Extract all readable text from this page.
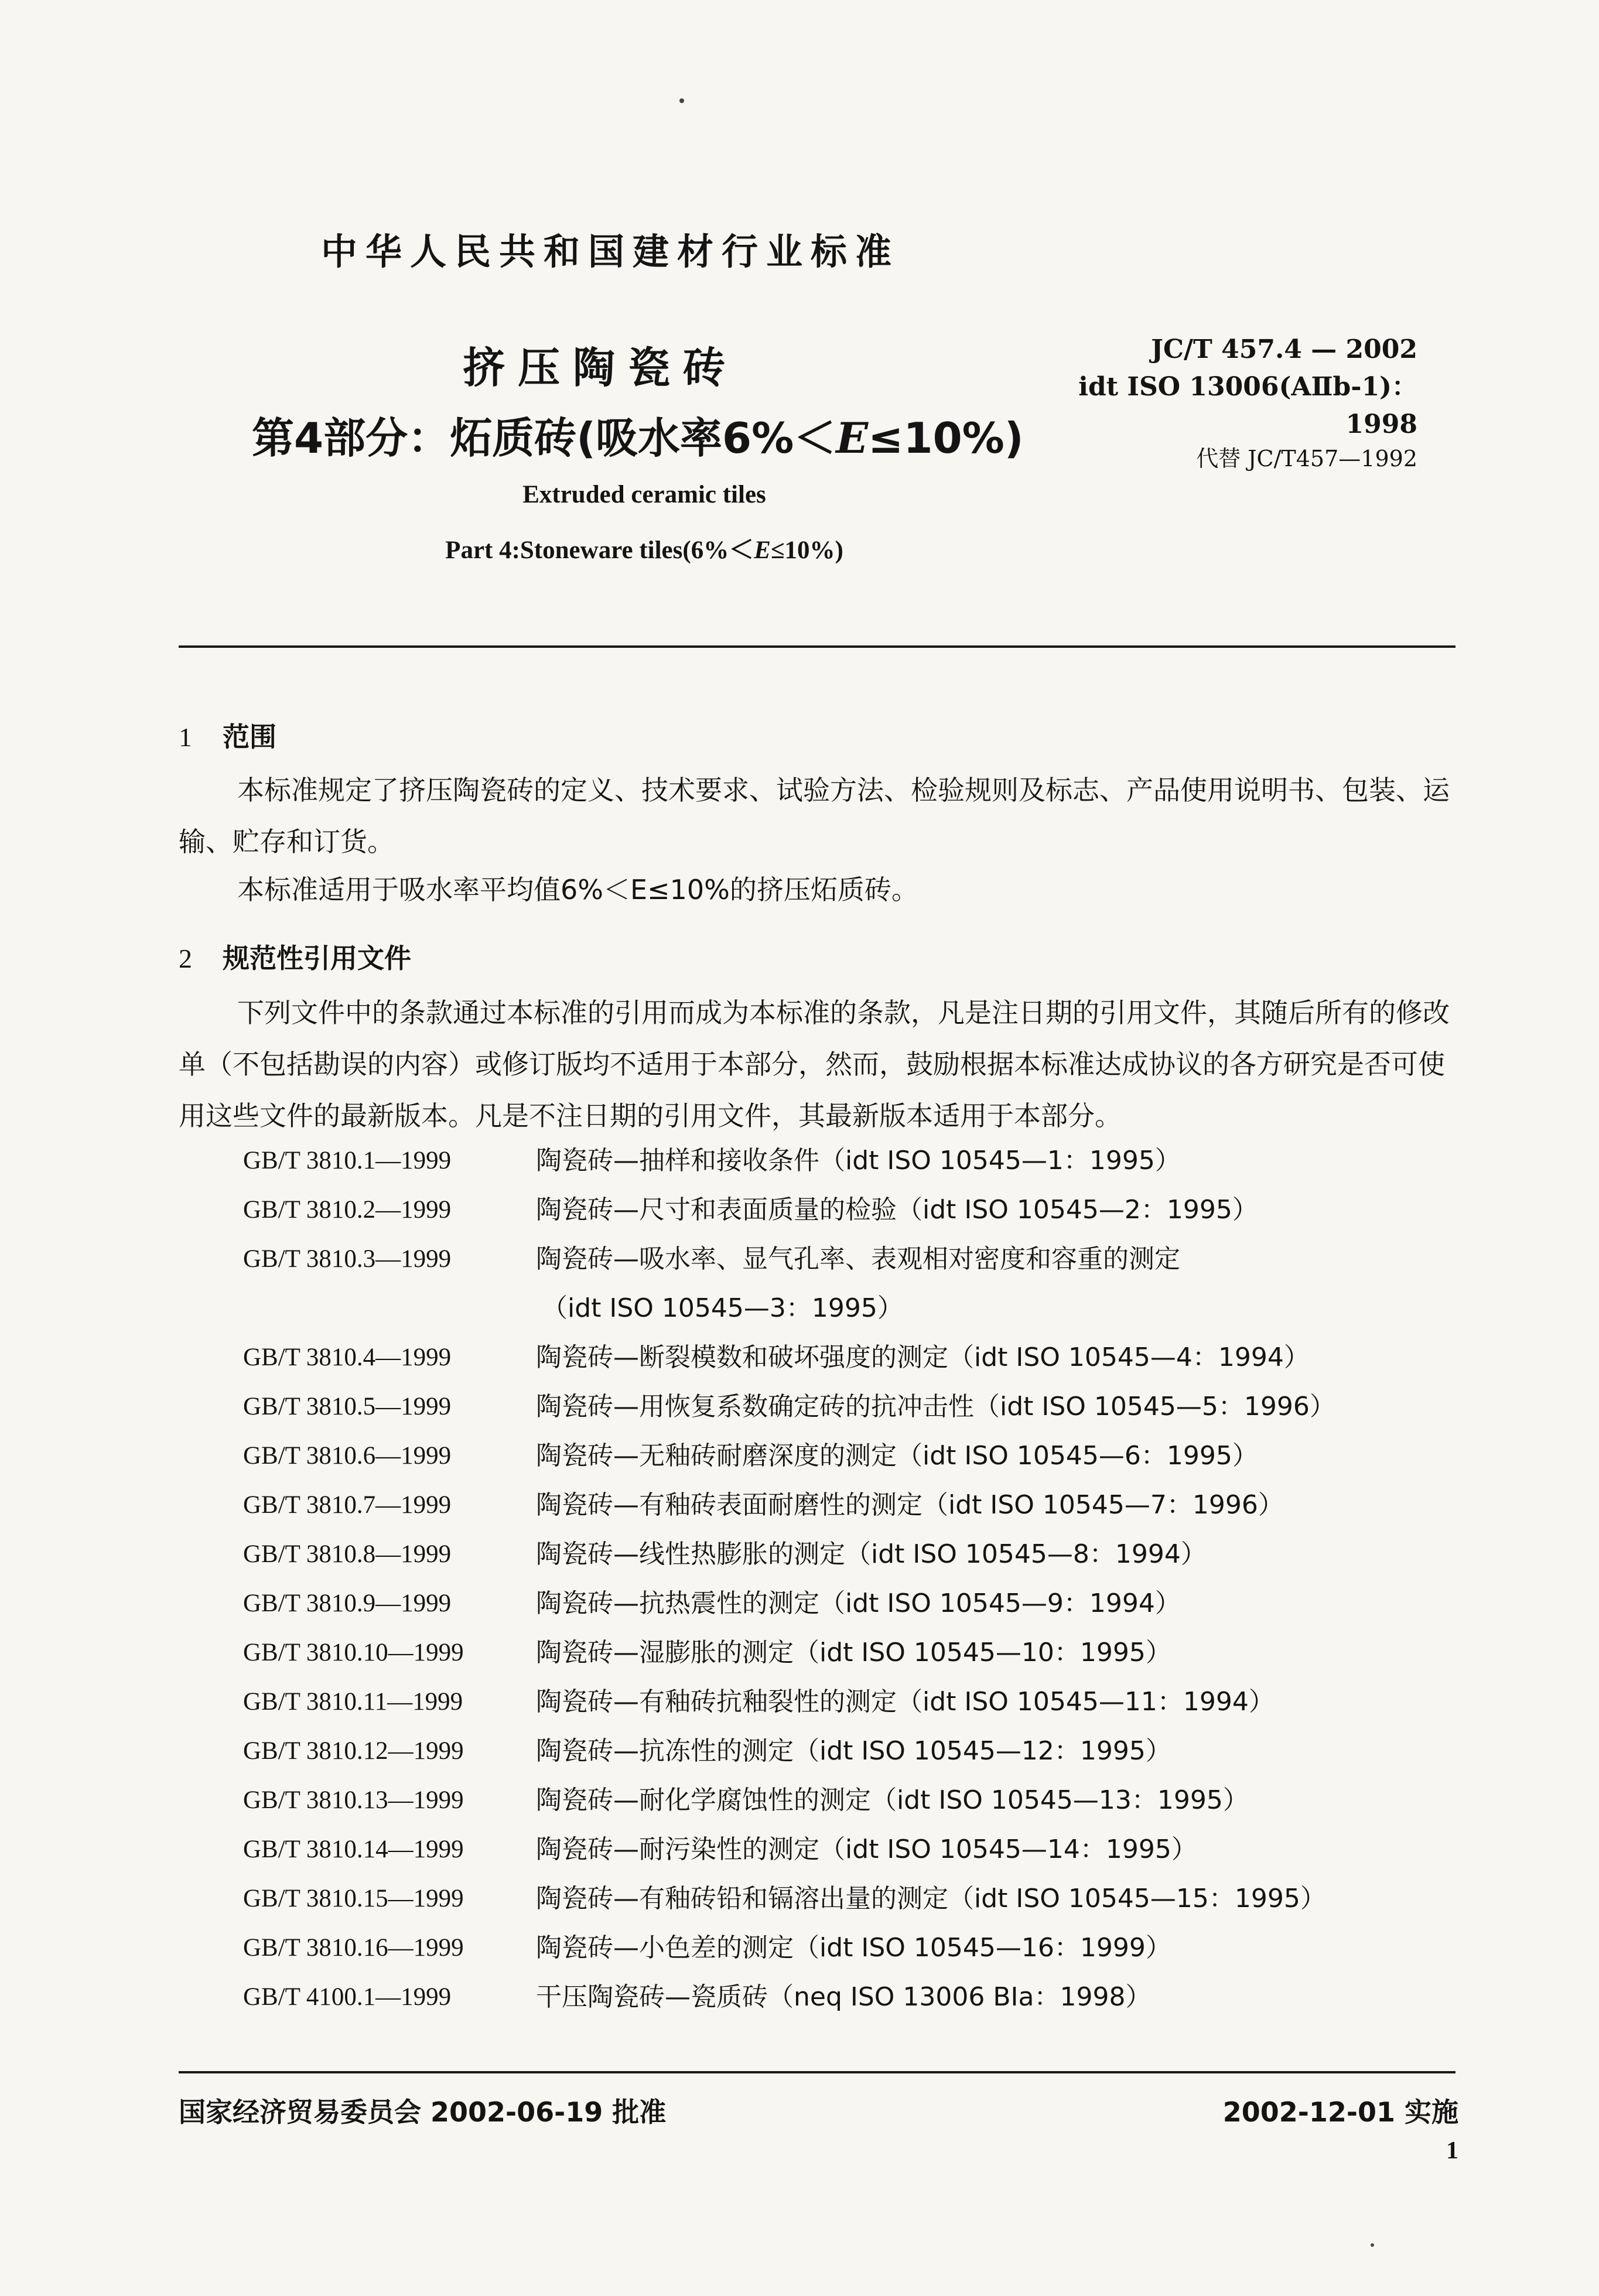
中华人民共和国建材行业标准
挤压陶瓷砖
第4部分：炻质砖(吸水率6%＜E≤10%)
JC/T 457.4 — 2002
idt ISO 13006(AⅡb-1)：1998
代替 JC/T457—1992
Extruded ceramic tiles
Part 4:Stoneware tiles(6%＜E≤10%)
1 范围
本标准规定了挤压陶瓷砖的定义、技术要求、试验方法、检验规则及标志、产品使用说明书、包装、运输、贮存和订货。
本标准适用于吸水率平均值6%＜E≤10%的挤压炻质砖。
2 规范性引用文件
下列文件中的条款通过本标准的引用而成为本标准的条款，凡是注日期的引用文件，其随后所有的修改单（不包括勘误的内容）或修订版均不适用于本部分，然而，鼓励根据本标准达成协议的各方研究是否可使用这些文件的最新版本。凡是不注日期的引用文件，其最新版本适用于本部分。
GB/T 3810.1—1999	陶瓷砖—抽样和接收条件（idt ISO 10545—1：1995）
GB/T 3810.2—1999	陶瓷砖—尺寸和表面质量的检验（idt ISO 10545—2：1995）
GB/T 3810.3—1999	陶瓷砖—吸水率、显气孔率、表观相对密度和容重的测定
（idt ISO 10545—3：1995）
GB/T 3810.4—1999	陶瓷砖—断裂模数和破坏强度的测定（idt ISO 10545—4：1994）
GB/T 3810.5—1999	陶瓷砖—用恢复系数确定砖的抗冲击性（idt ISO 10545—5：1996）
GB/T 3810.6—1999	陶瓷砖—无釉砖耐磨深度的测定（idt ISO 10545—6：1995）
GB/T 3810.7—1999	陶瓷砖—有釉砖表面耐磨性的测定（idt ISO 10545—7：1996）
GB/T 3810.8—1999	陶瓷砖—线性热膨胀的测定（idt ISO 10545—8：1994）
GB/T 3810.9—1999	陶瓷砖—抗热震性的测定（idt ISO 10545—9：1994）
GB/T 3810.10—1999	陶瓷砖—湿膨胀的测定（idt ISO 10545—10：1995）
GB/T 3810.11—1999	陶瓷砖—有釉砖抗釉裂性的测定（idt ISO 10545—11：1994）
GB/T 3810.12—1999	陶瓷砖—抗冻性的测定（idt ISO 10545—12：1995）
GB/T 3810.13—1999	陶瓷砖—耐化学腐蚀性的测定（idt ISO 10545—13：1995）
GB/T 3810.14—1999	陶瓷砖—耐污染性的测定（idt ISO 10545—14：1995）
GB/T 3810.15—1999	陶瓷砖—有釉砖铅和镉溶出量的测定（idt ISO 10545—15：1995）
GB/T 3810.16—1999	陶瓷砖—小色差的测定（idt ISO 10545—16：1999）
GB/T 4100.1—1999	干压陶瓷砖—瓷质砖（neq ISO 13006 BIa：1998）
国家经济贸易委员会 2002-06-19 批准	2002-12-01 实施
1
